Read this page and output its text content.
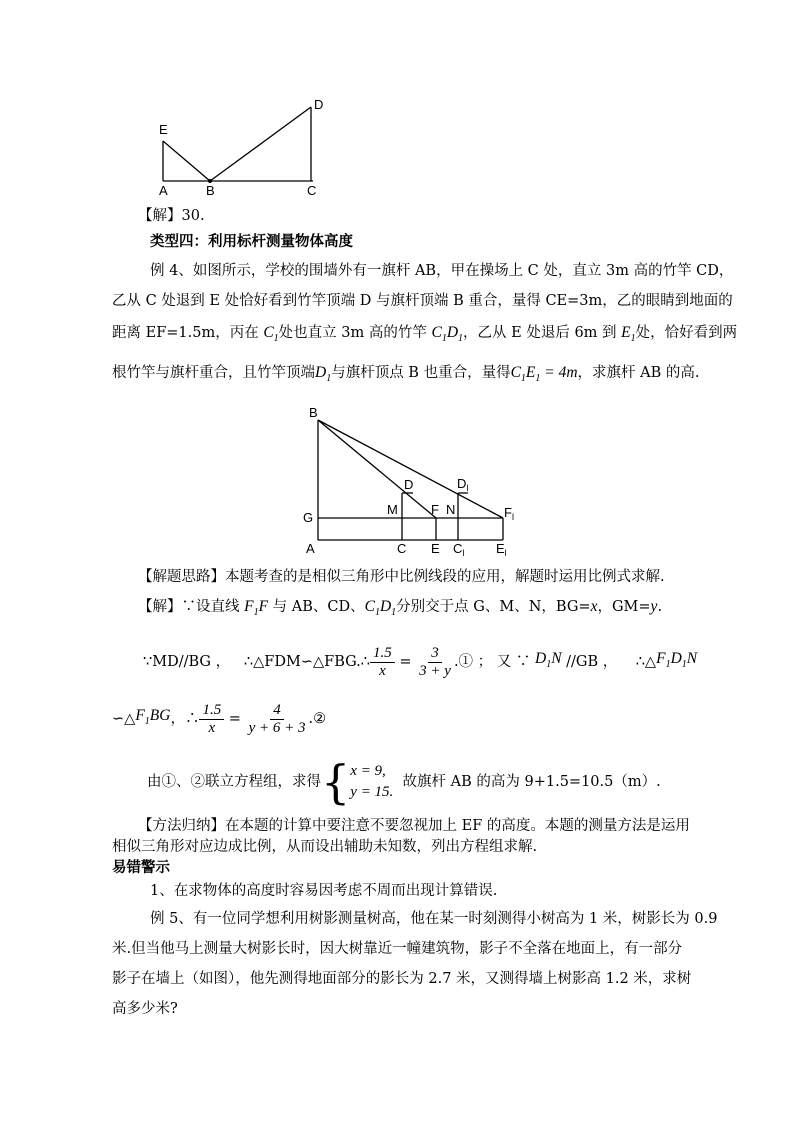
E
D
A	B	C
【解】30.
类型四：利用标杆测量物体高度
例 4、如图所示，学校的围墙外有一旗杆 AB，甲在操场上 C 处，直立 3m 高的竹竿 CD，
乙从 C 处退到 E 处恰好看到竹竿顶端 D 与旗杆顶端 B 重合，量得 CE=3m，乙的眼睛到地面的
距离 EF=1.5m，丙在 $C_1$处也直立 3m 高的竹竿 $C_1D_1$，乙从 E 处退后 6m 到 $E_1$处，恰好看到两
根竹竿与旗杆重合，且竹竿顶端$D_1$与旗杆顶点 B 也重合，量得$C_1E_1 = 4m$，求旗杆 AB 的高.
B
D	$D_l$
M	F N	$F_l$
G
A	C E $C_l$ $E_l$
【解题思路】本题考查的是相似三角形中比例线段的应用，解题时运用比例式求解.
【解】∵设直线 $F_1F$ 与 AB、CD、$C_1D_1$分别交于点 G、M、N，BG=x，GM=y.
∵MD//BG ，
∴△FDM∽△FBG.∴ $\frac{1.5}{x} = \frac{3}{3 + y}$ .① ； 又 ∵
$D_1N$
//GB ，
∴△ $F_1D_1N$
∽△ $F_1BG$ ，∴ $\frac{1.5}{x} = \frac{4}{y + 6 + 3}$ .②
由①、②联立方程组，求得 { x = 9,
y = 15.

故旗杆 AB 的高为 9+1.5=10.5（m）.
【方法归纳】在本题的计算中要注意不要忽视加上 EF 的高度。本题的测量方法是运用
相似三角形对应边成比例，从而设出辅助未知数，列出方程组求解.
易错警示
1、在求物体的高度时容易因考虑不周而出现计算错误.
例 5、有一位同学想利用树影测量树高，他在某一时刻测得小树高为 1 米，树影长为 0.9
米.但当他马上测量大树影长时，因大树靠近一幢建筑物，影子不全落在地面上，有一部分
影子在墙上（如图），他先测得地面部分的影长为 2.7 米，又测得墙上树影高 1.2 米，求树
高多少米?
